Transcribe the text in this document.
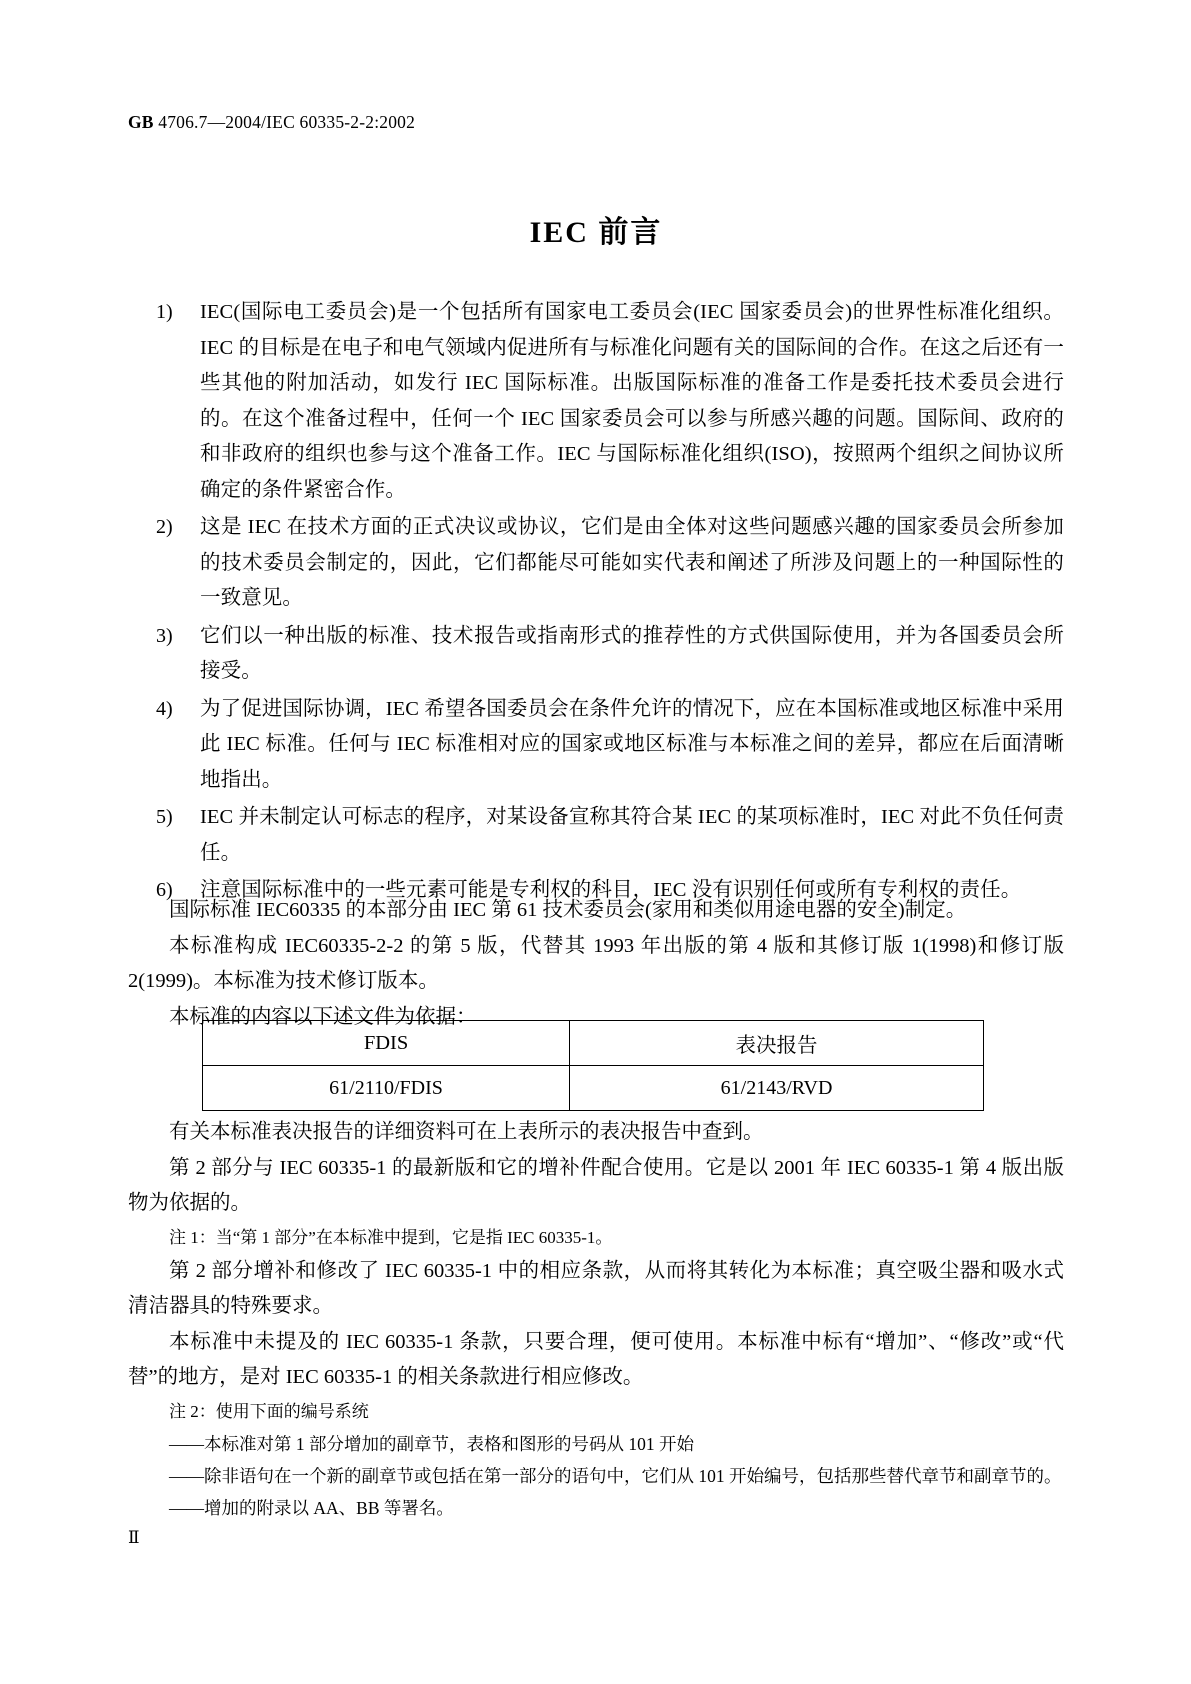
GB 4706.7—2004/IEC 60335-2-2:2002
IEC 前言
1)	IEC(国际电工委员会)是一个包括所有国家电工委员会(IEC 国家委员会)的世界性标准化组织。IEC 的目标是在电子和电气领域内促进所有与标准化问题有关的国际间的合作。在这之后还有一些其他的附加活动，如发行 IEC 国际标准。出版国际标准的准备工作是委托技术委员会进行的。在这个准备过程中，任何一个 IEC 国家委员会可以参与所感兴趣的问题。国际间、政府的和非政府的组织也参与这个准备工作。IEC 与国际标准化组织(ISO)，按照两个组织之间协议所确定的条件紧密合作。
2)	这是 IEC 在技术方面的正式决议或协议，它们是由全体对这些问题感兴趣的国家委员会所参加的技术委员会制定的，因此，它们都能尽可能如实代表和阐述了所涉及问题上的一种国际性的一致意见。
3)	它们以一种出版的标准、技术报告或指南形式的推荐性的方式供国际使用，并为各国委员会所接受。
4)	为了促进国际协调，IEC 希望各国委员会在条件允许的情况下，应在本国标准或地区标准中采用此 IEC 标准。任何与 IEC 标准相对应的国家或地区标准与本标准之间的差异，都应在后面清晰地指出。
5)	IEC 并未制定认可标志的程序，对某设备宣称其符合某 IEC 的某项标准时，IEC 对此不负任何责任。
6)	注意国际标准中的一些元素可能是专利权的科目，IEC 没有识别任何或所有专利权的责任。

国际标准 IEC60335 的本部分由 IEC 第 61 技术委员会(家用和类似用途电器的安全)制定。

本标准构成 IEC60335-2-2 的第 5 版，代替其 1993 年出版的第 4 版和其修订版 1(1998)和修订版 2(1999)。本标准为技术修订版本。

本标准的内容以下述文件为依据：

FDIS	表决报告
61/2110/FDIS	61/2143/RVD

有关本标准表决报告的详细资料可在上表所示的表决报告中查到。

第 2 部分与 IEC 60335-1 的最新版和它的增补件配合使用。它是以 2001 年 IEC 60335-1 第 4 版出版物为依据的。

注 1：当“第 1 部分”在本标准中提到，它是指 IEC 60335-1。

第 2 部分增补和修改了 IEC 60335-1 中的相应条款，从而将其转化为本标准；真空吸尘器和吸水式清洁器具的特殊要求。

本标准中未提及的 IEC 60335-1 条款，只要合理，便可使用。本标准中标有“增加”、“修改”或“代替”的地方，是对 IEC 60335-1 的相关条款进行相应修改。

注 2：使用下面的编号系统

——本标准对第 1 部分增加的副章节，表格和图形的号码从 101 开始

——除非语句在一个新的副章节或包括在第一部分的语句中，它们从 101 开始编号，包括那些替代章节和副章节的。

——增加的附录以 AA、BB 等署名。

Ⅱ
